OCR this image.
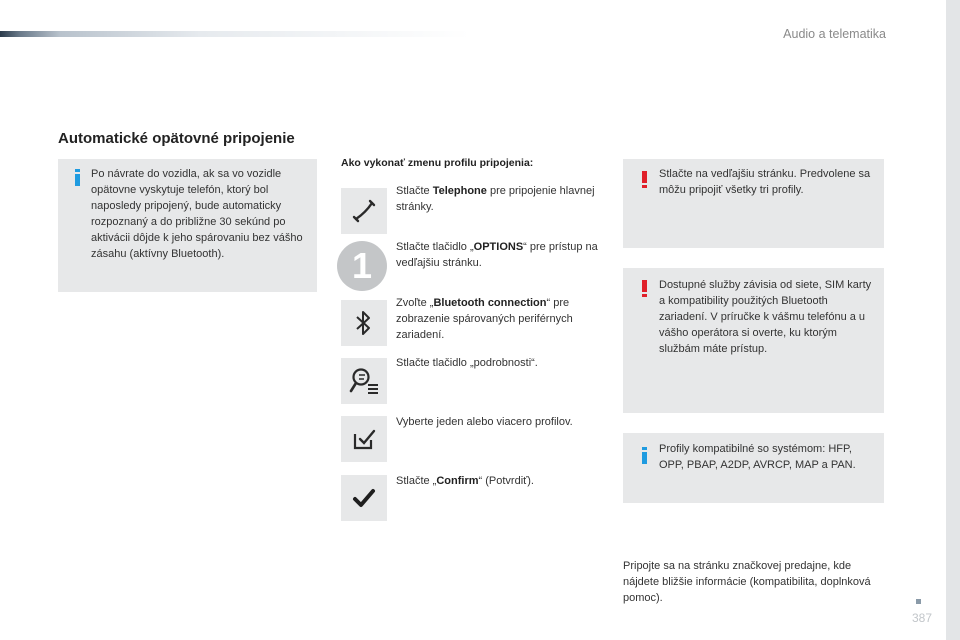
Audio a telematika
Automatické opätovné pripojenie
Po návrate do vozidla, ak sa vo vozidle opätovne vyskytuje telefón, ktorý bol naposledy pripojený, bude automaticky rozpoznaný a do približne 30 sekúnd po aktivácii dôjde k jeho spárovaniu bez vášho zásahu (aktívny Bluetooth).
Ako vykonať zmenu profilu pripojenia:
1
Stlačte Telephone pre pripojenie hlavnej stránky.
Stlačte tlačidlo „OPTIONS“ pre prístup na vedľajšiu stránku.
Zvoľte „Bluetooth connection“ pre zobrazenie spárovaných periférnych zariadení.
Stlačte tlačidlo „podrobnosti“.
Vyberte jeden alebo viacero profilov.
Stlačte „Confirm“ (Potvrdiť).
Stlačte na vedľajšiu stránku. Predvolene sa môžu pripojiť všetky tri profily.
Dostupné služby závisia od siete, SIM karty a kompatibility použitých Bluetooth zariadení. V príručke k vášmu telefónu a u vášho operátora si overte, ku ktorým službám máte prístup.
Profily kompatibilné so systémom: HFP, OPP, PBAP, A2DP, AVRCP, MAP a PAN.
Pripojte sa na stránku značkovej predajne, kde nájdete bližšie informácie (kompatibilita, doplnková pomoc).
387
